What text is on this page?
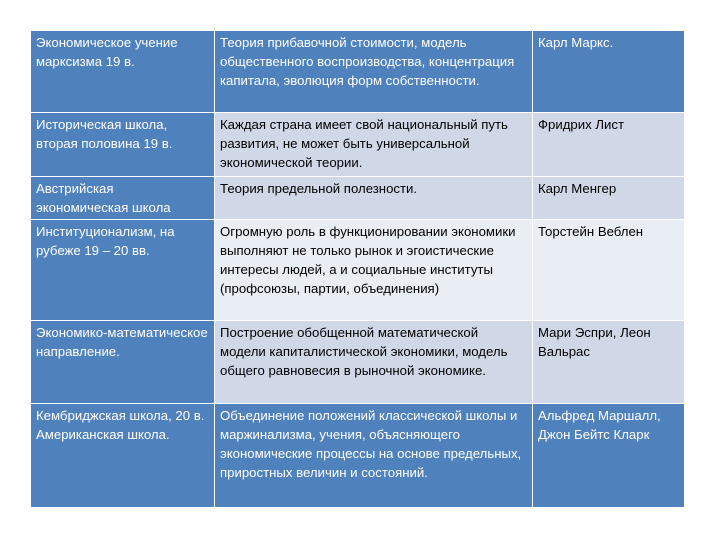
Экономическое учение марксизма 19 в.	Теория прибавочной стоимости, модель общественного воспроизводства, концентрация капитала, эволюция форм собственности.	Карл Маркс.
Историческая школа, вторая половина 19 в.	Каждая страна имеет свой национальный путь развития, не может быть универсальной экономической теории.	Фридрих Лист
Австрийская экономическая школа	Теория предельной полезности.	Карл Менгер
Институционализм, на рубеже 19 – 20 вв.	Огромную роль в функционировании экономики выполняют не только рынок и эгоистические интересы людей, а и социальные институты (профсоюзы, партии, объединения)	Торстейн Веблен
Экономико-математическое направление.	Построение обобщенной математической модели капиталистической экономики, модель общего равновесия в рыночной экономике.	Мари Эспри, Леон Вальрас
Кембриджская школа, 20 в. Американская школа.	Объединение положений классической школы и маржинализма, учения, объясняющего экономические процессы на основе предельных, приростных величин и состояний.	Альфред Маршалл, Джон Бейтс Кларк
